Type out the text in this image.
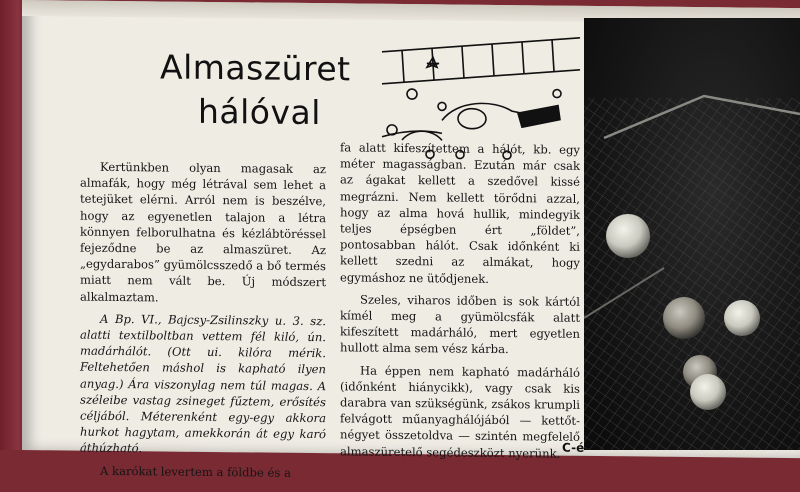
Almaszüret
hálóval

Kertünkben olyan magasak az almafák, hogy még létrával sem lehet a tetejüket elérni. Arról nem is beszélve, hogy az egyenetlen talajon a létra könnyen felborulhatna és kézlábtöréssel fejeződne be az almaszüret. Az „egydarabos” gyümölcsszedő a bő termés miatt nem vált be. Új módszert alkalmaztam.

A Bp. VI., Bajcsy-Zsilinszky u. 3. sz. alatti textilboltban vettem fél kiló, ún. madárhálót. (Ott ui. kilóra mérik. Feltehetően máshol is kapható ilyen anyag.) Ára viszonylag nem túl magas. A széleibe vastag zsineget fűztem, erősítés céljából. Méterenként egy-egy akkora hurkot hagytam, amekkorán át egy karó áthúzható.

A karókat levertem a földbe és a

fa alatt kifeszítettem a hálót, kb. egy méter magasságban. Ezután már csak az ágakat kellett a szedővel kissé megrázni. Nem kellett törődni azzal, hogy az alma hová hullik, mindegyik teljes épségben ért „földet”, pontosabban hálót. Csak időnként ki kellett szedni az almákat, hogy egymáshoz ne ütődjenek.

Szeles, viharos időben is sok kártól kímél meg a gyümölcsfák alatt kifeszített madárháló, mert egyetlen hullott alma sem vész kárba.

Ha éppen nem kapható madárháló (időnként hiánycikk), vagy csak kis darabra van szükségünk, zsákos krumpli felvágott műanyaghálójából — kettőt-négyet összetoldva — szintén megfelelő almaszüretelő segédeszközt nyerünk. C-é
